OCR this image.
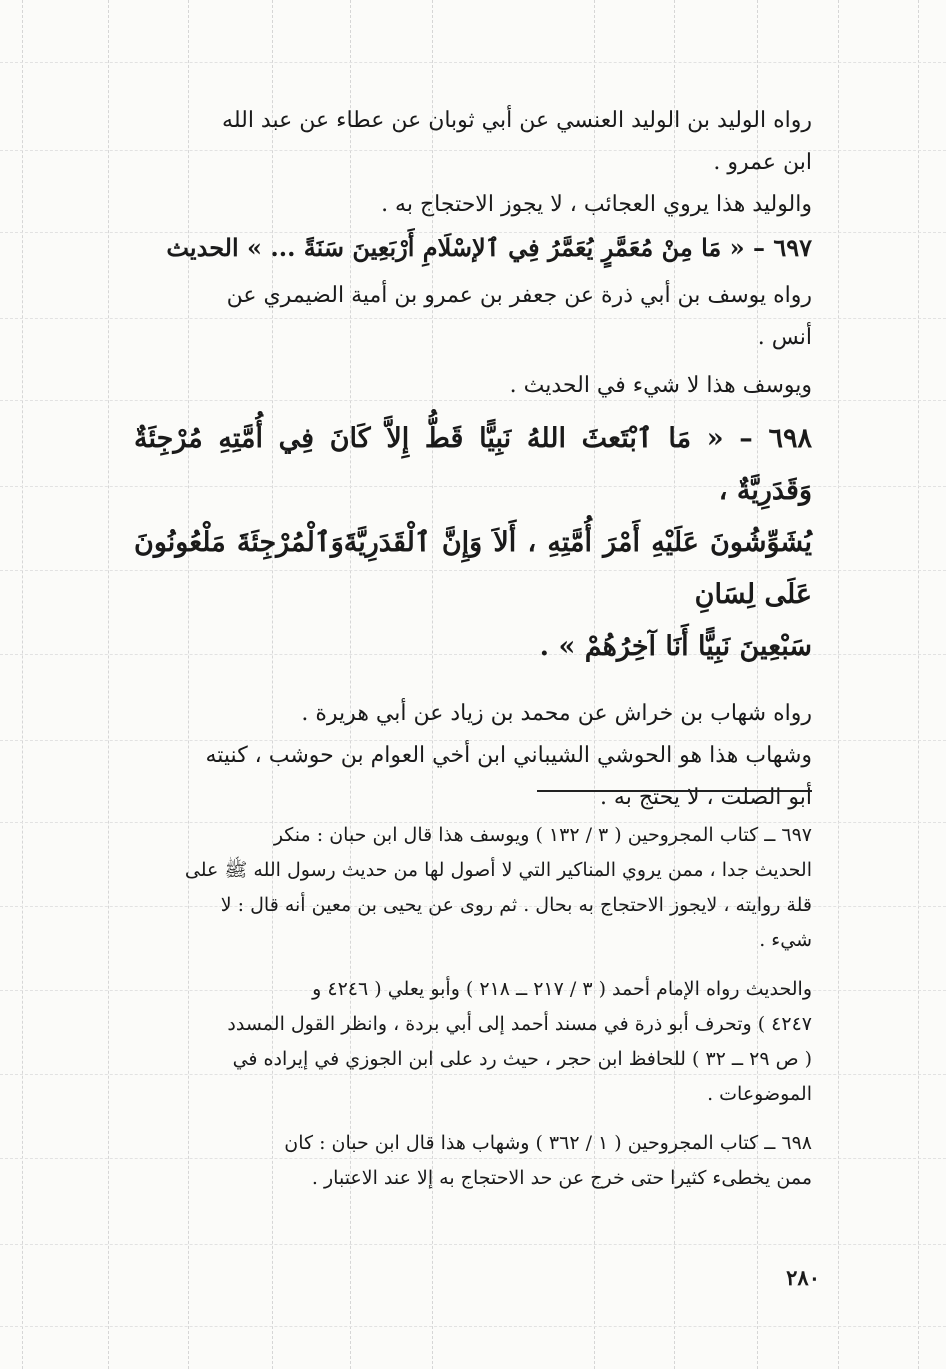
رواه الوليد بن الوليد العنسي عن أبي ثوبان عن عطاء عن عبد الله

ابن عمرو .

والوليد هذا يروي العجائب ، لا يجوز الاحتجاج به .

٦٩٧ – « مَا مِنْ مُعَمَّرٍ يُعَمَّرُ فِي ٱلإسْلَامِ أَرْبَعِينَ سَنَةً ... » الحديث

رواه يوسف بن أبي ذرة عن جعفر بن عمرو بن أمية الضيمري عن

أنس .

ويوسف هذا لا شيء في الحديث .

٦٩٨ – « مَا ٱبْتَعثَ اللهُ نَبِيًّا قَطُّ إِلاَّ كَانَ فِي أُمَّتِهِ مُرْجِئَةٌ وَقَدَرِيَّةٌ ،

يُشَوِّشُونَ عَلَيْهِ أَمْرَ أُمَّتِهِ ، أَلاَ وَإِنَّ ٱلْقَدَرِيَّةَوَٱلْمُرْجِئَةَ مَلْعُونُونَ عَلَى لِسَانِ

سَبْعِينَ نَبِيًّا أَنَا آخِرُهُمْ » .

رواه شهاب بن خراش عن محمد بن زياد عن أبي هريرة .

وشهاب هذا هو الحوشي الشيباني ابن أخي العوام بن حوشب ، كنيته

أبو الصلت ، لا يحتج به .

٦٩٧ ــ كتاب المجروحين ( ٣ / ١٣٢ ) ويوسف هذا قال ابن حبان : منكر

الحديث جدا ، ممن يروي المناكير التي لا أصول لها من حديث رسول الله ﷺ على

قلة روايته ، لايجوز الاحتجاج به بحال . ثم روى عن يحيى بن معين أنه قال : لا

شيء .

والحديث رواه الإمام أحمد ( ٣ / ٢١٧ ــ ٢١٨ ) وأبو يعلي ( ٤٢٤٦ و

٤٢٤٧ ) وتحرف أبو ذرة في مسند أحمد إلى أبي بردة ، وانظر القول المسدد

( ص ٢٩ ــ ٣٢ ) للحافظ ابن حجر ، حيث رد على ابن الجوزي في إيراده في

الموضوعات .

٦٩٨ ــ كتاب المجروحين ( ١ / ٣٦٢ ) وشهاب هذا قال ابن حبان : كان

ممن يخطىء كثيرا حتى خرج عن حد الاحتجاج به إلا عند الاعتبار .

٢٨٠
